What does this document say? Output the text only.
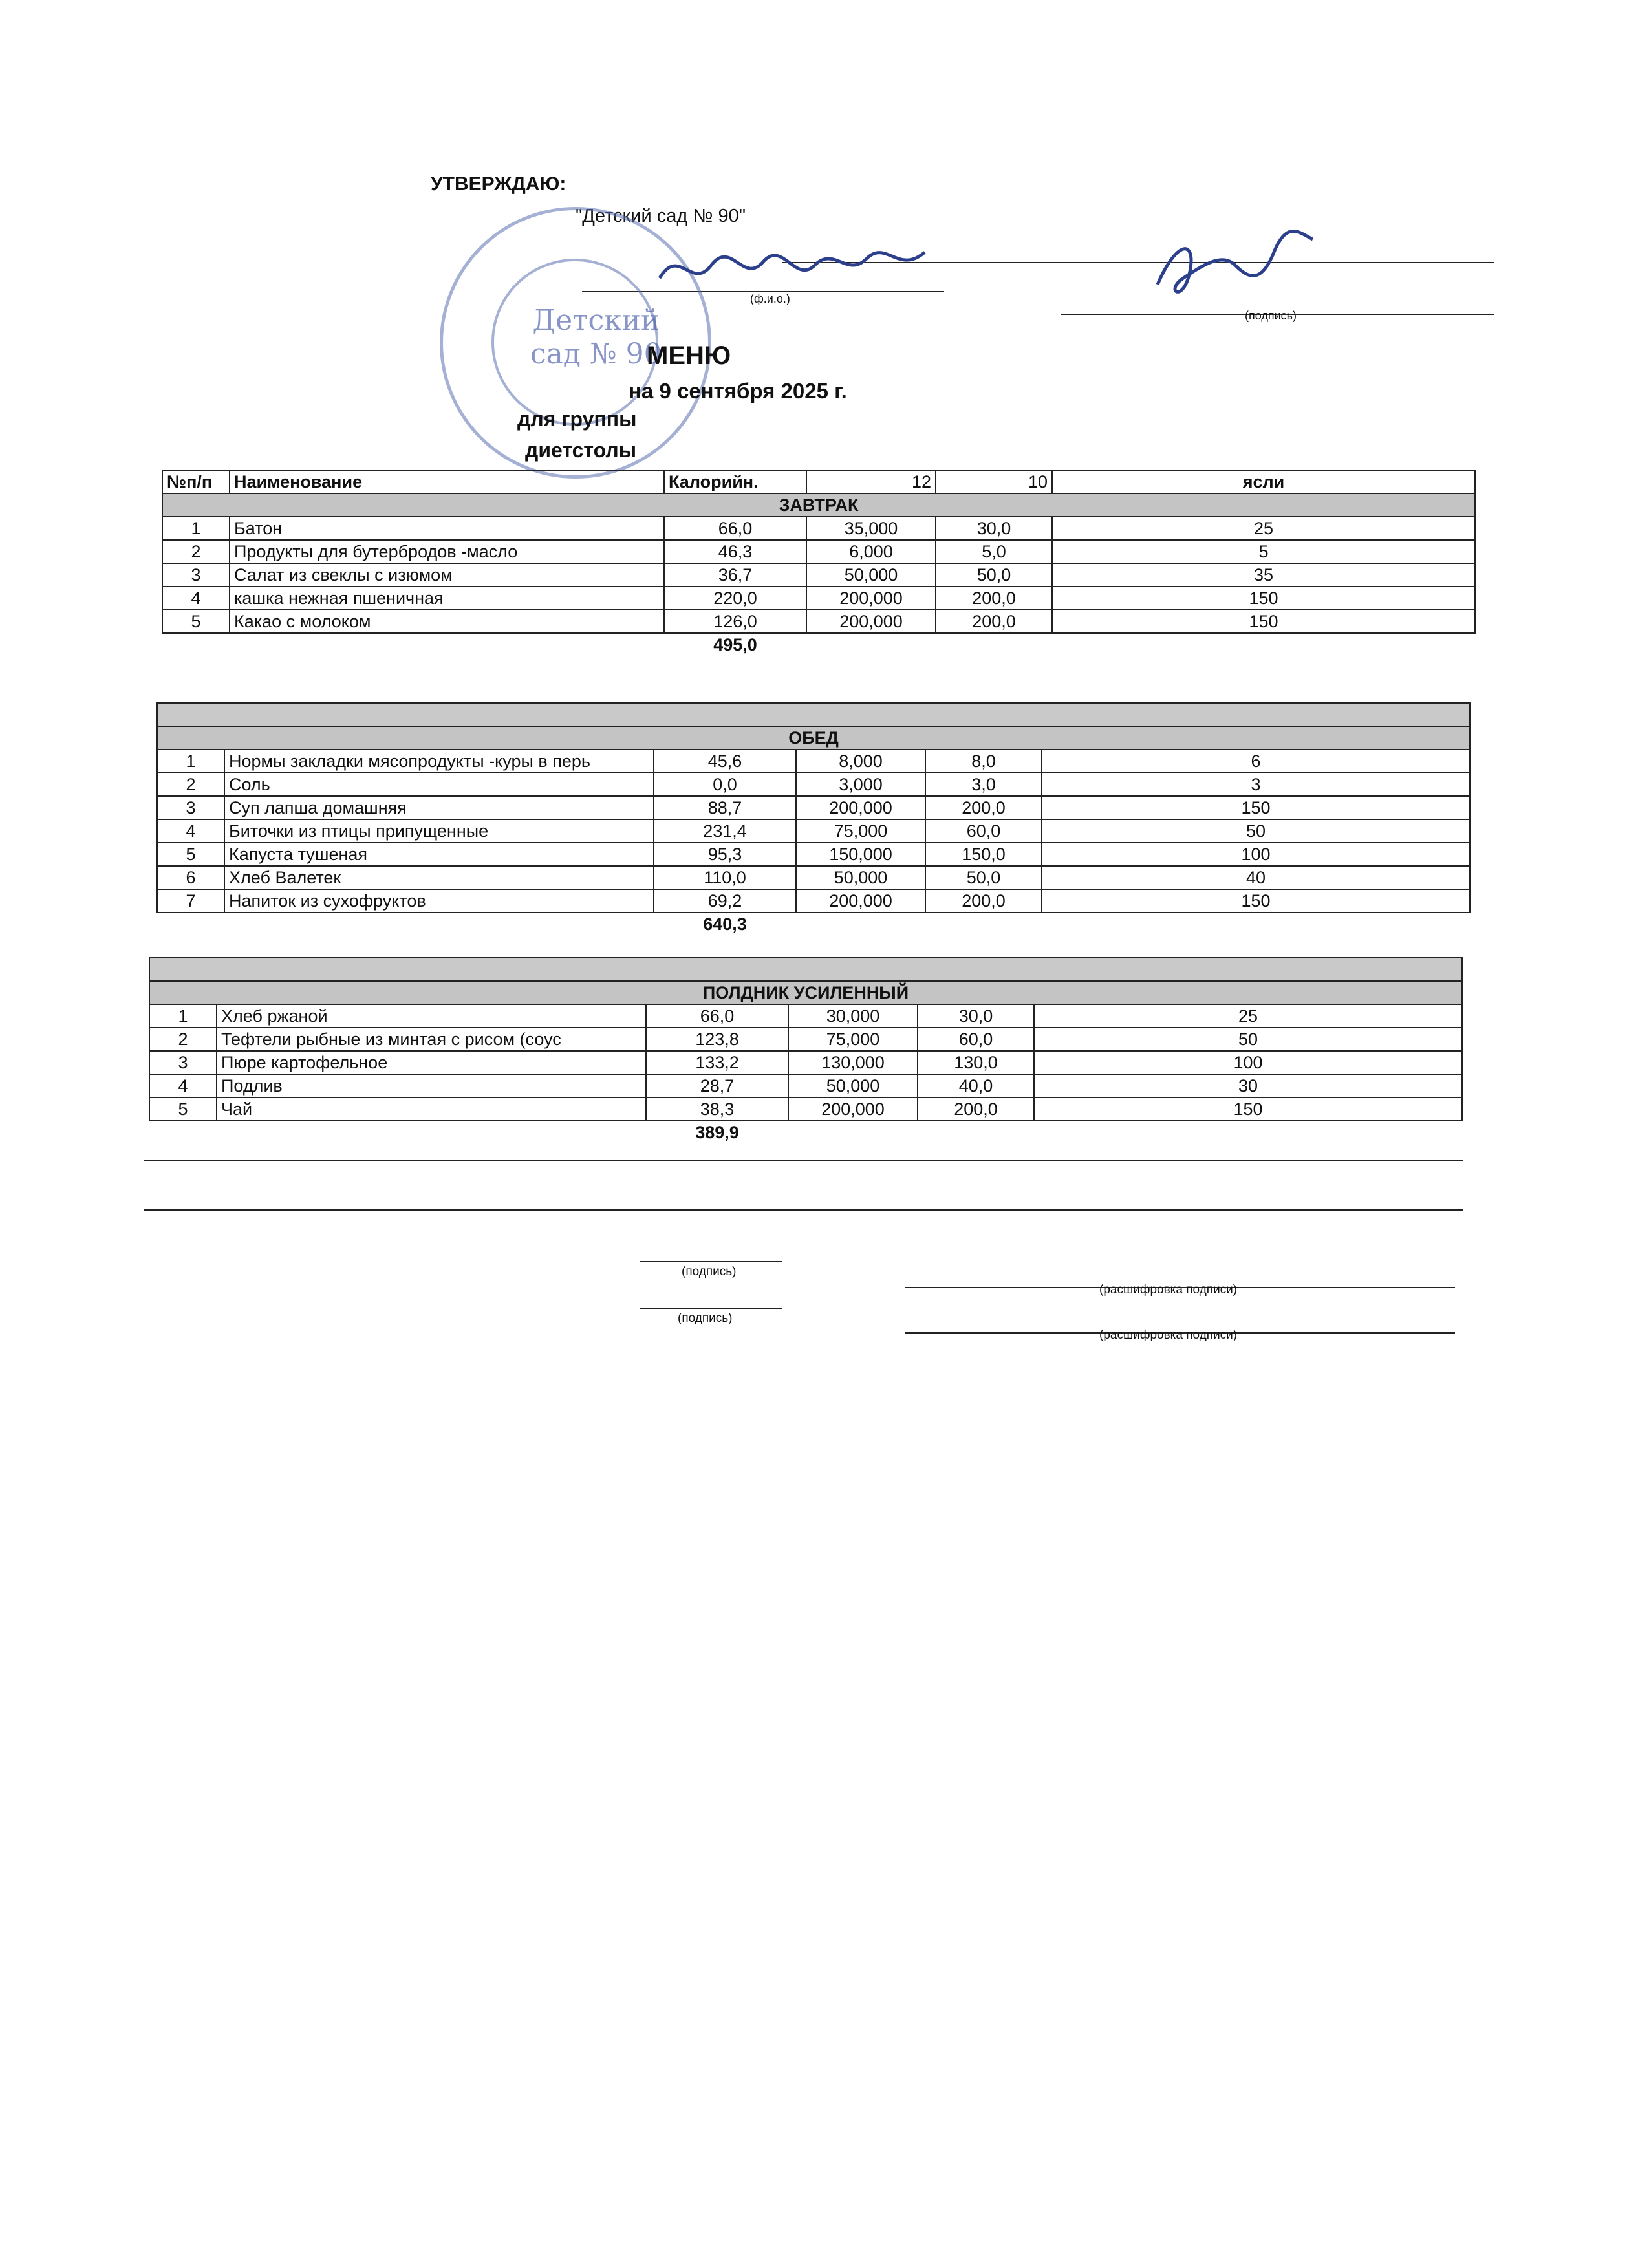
УТВЕРЖДАЮ:
"Детский сад № 90"
(ф.и.о.)
(подпись)
Детский
сад № 90
МЕНЮ
на 9 сентября 2025 г.
для группы
диетстолы
№п/п	Наименование	Калорийн.	12	10	ясли
ЗАВТРАК					
1	Батон	66,0	35,000	30,0	25
2	Продукты для бутербродов -масло	46,3	6,000	5,0	5
3	Салат из свеклы с изюмом	36,7	50,000	50,0	35
4	кашка нежная пшеничная	220,0	200,000	200,0	150
5	Какао с молоком	126,0	200,000	200,0	150
		495,0			

ОБЕД					
1	Нормы закладки мясопродукты -куры в перь	45,6	8,000	8,0	6
2	Соль	0,0	3,000	3,0	3
3	Суп лапша домашняя	88,7	200,000	200,0	150
4	Биточки из птицы припущенные	231,4	75,000	60,0	50
5	Капуста тушеная	95,3	150,000	150,0	100
6	Хлеб Валетек	110,0	50,000	50,0	40
7	Напиток из сухофруктов	69,2	200,000	200,0	150
		640,3			

ПОЛДНИК УСИЛЕННЫЙ					
1	Хлеб ржаной	66,0	30,000	30,0	25
2	Тефтели рыбные из минтая с рисом (соус	123,8	75,000	60,0	50
3	Пюре картофельное	133,2	130,000	130,0	100
4	Подлив	28,7	50,000	40,0	30
5	Чай	38,3	200,000	200,0	150
		389,9			
(подпись)
(расшифровка подписи)
(подпись)
(расшифровка подписи)
